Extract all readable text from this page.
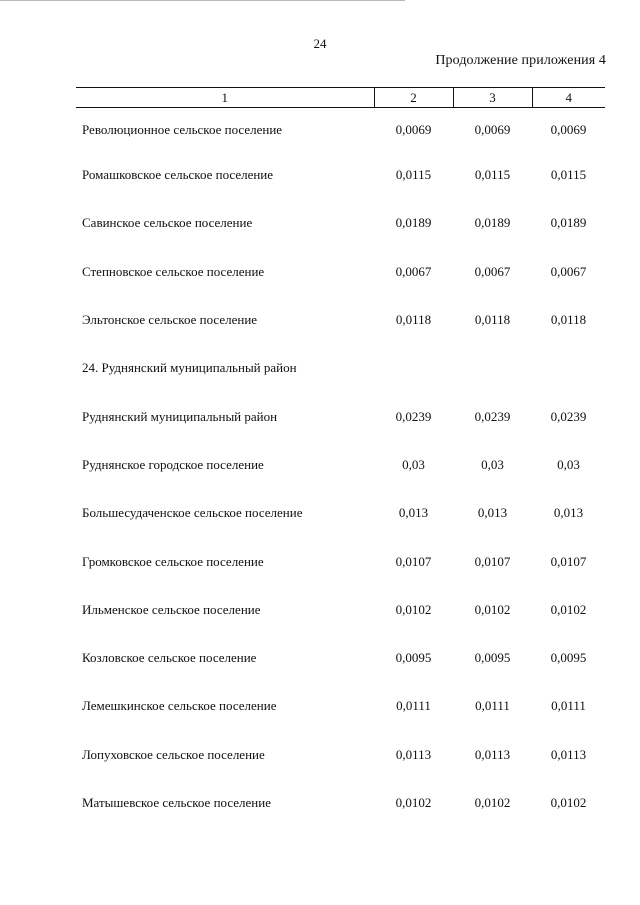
24
Продолжение приложения 4
1	2	3	4
Революционное сельское поселение	0,0069	0,0069	0,0069
Ромашковское сельское поселение	0,0115	0,0115	0,0115
Савинское сельское поселение	0,0189	0,0189	0,0189
Степновское сельское поселение	0,0067	0,0067	0,0067
Эльтонское сельское поселение	0,0118	0,0118	0,0118
24. Руднянский муниципальный район			
Руднянский муниципальный район	0,0239	0,0239	0,0239
Руднянское городское поселение	0,03	0,03	0,03
Большесудаченское сельское поселение	0,013	0,013	0,013
Громковское сельское поселение	0,0107	0,0107	0,0107
Ильменское сельское поселение	0,0102	0,0102	0,0102
Козловское сельское поселение	0,0095	0,0095	0,0095
Лемешкинское сельское поселение	0,0111	0,0111	0,0111
Лопуховское сельское поселение	0,0113	0,0113	0,0113
Матышевское сельское поселение	0,0102	0,0102	0,0102
